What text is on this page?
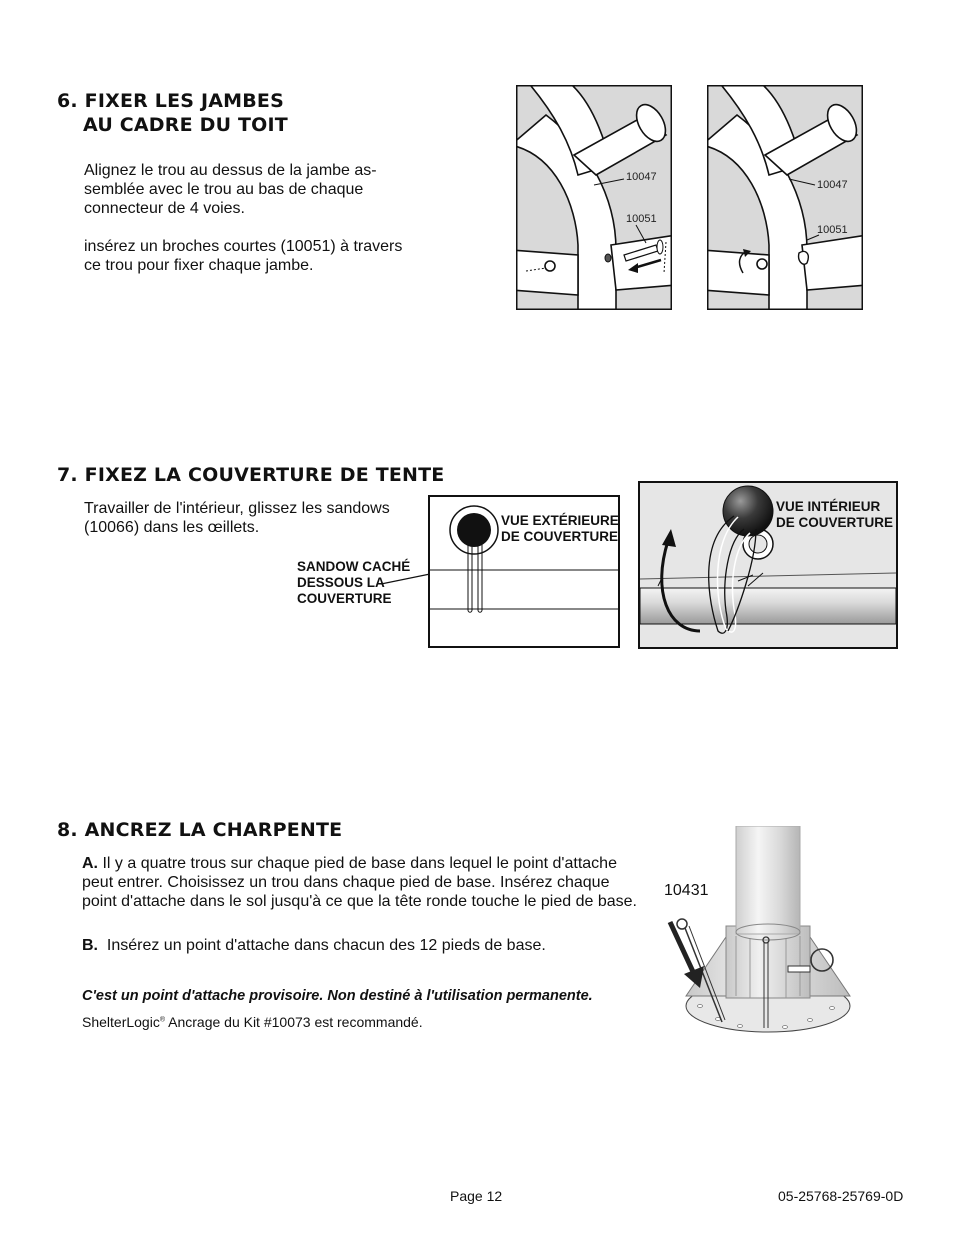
6. FIXER LES JAMBES
AU CADRE DU TOIT
Alignez le trou au dessus de la jambe as-semblée avec le trou au bas de chaque connecteur de 4 voies.
insérez un broches courtes (10051) à travers ce trou pour fixer chaque jambe.
10047
10051
10047
10051
7. FIXEZ LA COUVERTURE DE TENTE
Travailler de l'intérieur, glissez les sandows (10066) dans les œillets.
SANDOW CACHÉ
DESSOUS LA
COUVERTURE
VUE EXTÉRIEURE
DE COUVERTURE
VUE INTÉRIEUR
DE COUVERTURE
8. ANCREZ LA CHARPENTE
A. Il y a quatre trous sur chaque pied de base dans lequel le point d'attache peut entrer. Choisissez un trou dans chaque pied de base. Insérez chaque point d'attache dans le sol jusqu'à ce que la tête ronde touche le pied de base.
B. Insérez un point d'attache dans chacun des 12 pieds de base.
C'est un point d'attache provisoire. Non destiné à l'utilisation permanente.
ShelterLogic® Ancrage du Kit #10073 est recommandé.
10431
Page 12	05-25768-25769-0D
